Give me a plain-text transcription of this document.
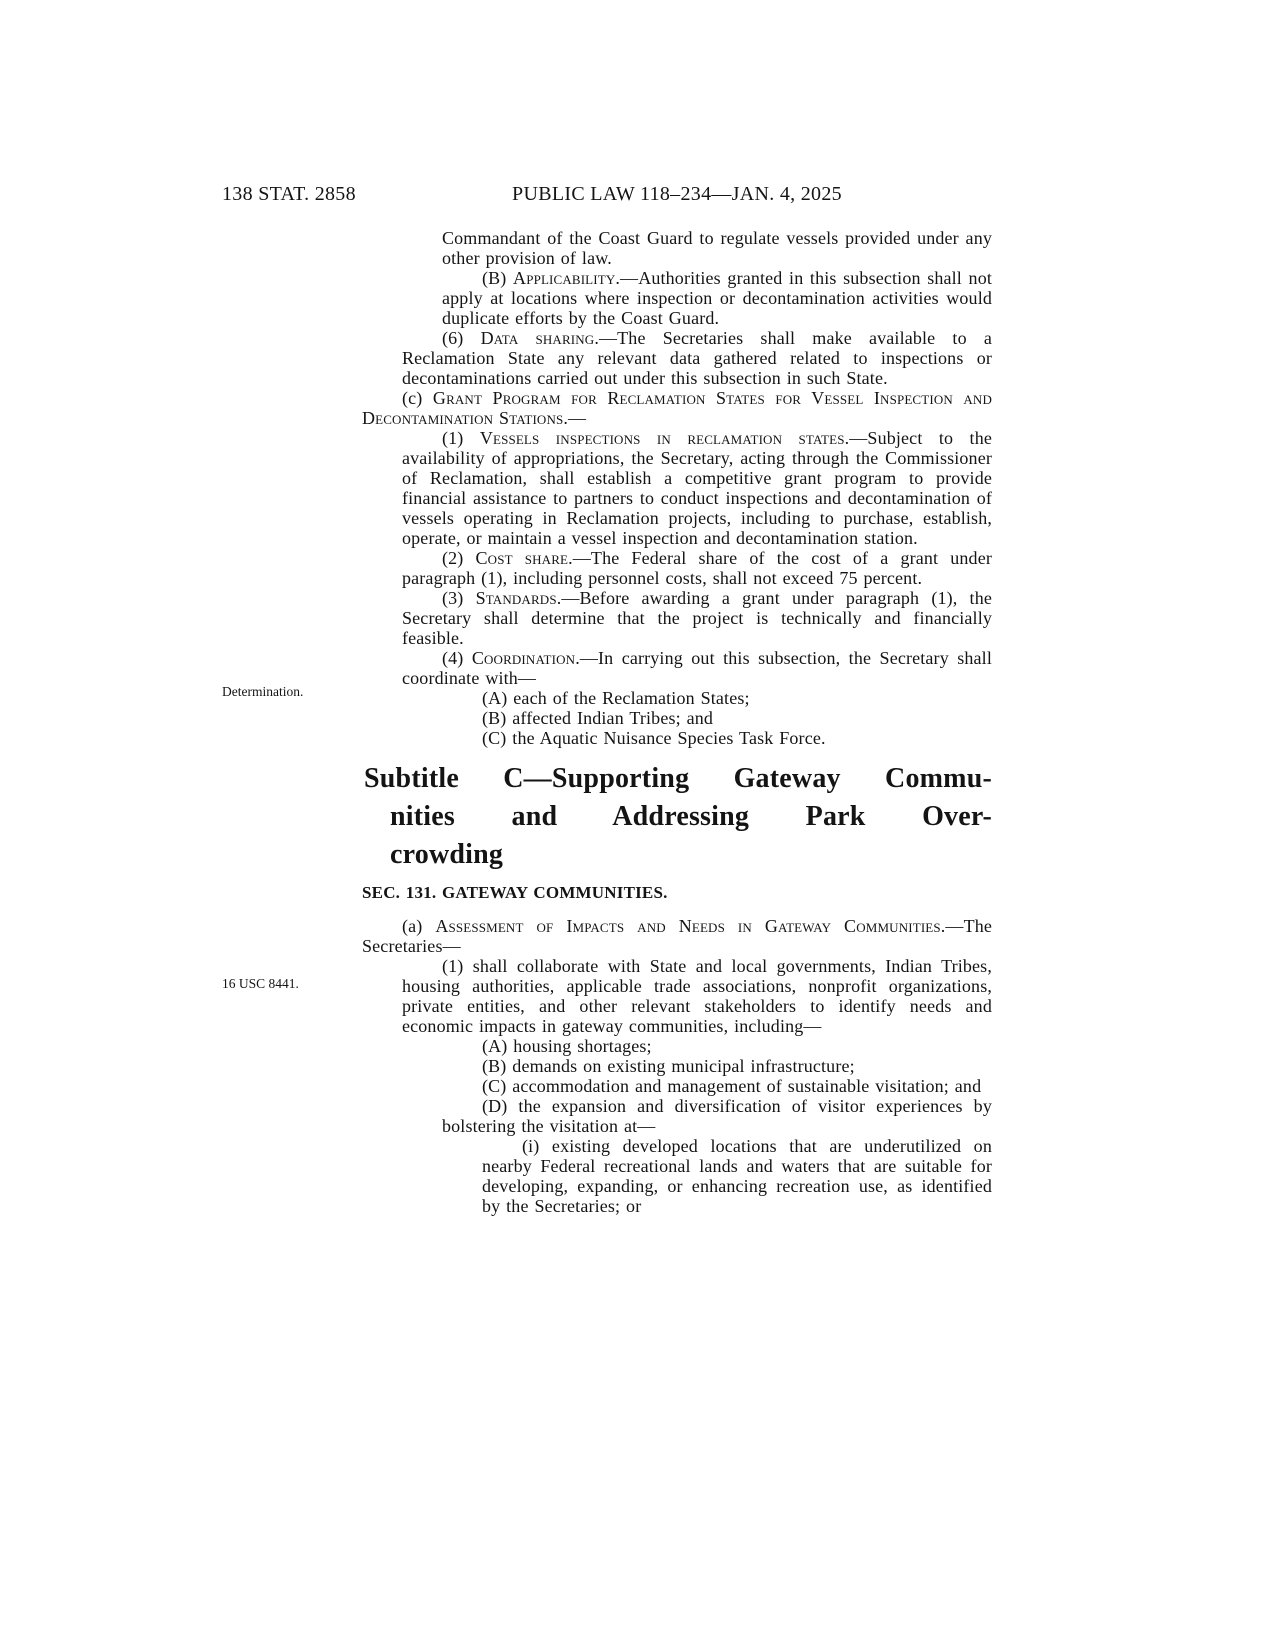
138 STAT. 2858	PUBLIC LAW 118–234—JAN. 4, 2025
Determination.
16 USC 8441.

Commandant of the Coast Guard to regulate vessels provided under any other provision of law.

(B) Applicability.—Authorities granted in this subsection shall not apply at locations where inspection or decontamination activities would duplicate efforts by the Coast Guard.

(6) Data sharing.—The Secretaries shall make available to a Reclamation State any relevant data gathered related to inspections or decontaminations carried out under this subsection in such State.

(c) Grant Program for Reclamation States for Vessel Inspection and Decontamination Stations.—

(1) Vessels inspections in reclamation states.—Subject to the availability of appropriations, the Secretary, acting through the Commissioner of Reclamation, shall establish a competitive grant program to provide financial assistance to partners to conduct inspections and decontamination of vessels operating in Reclamation projects, including to purchase, establish, operate, or maintain a vessel inspection and decontamination station.

(2) Cost share.—The Federal share of the cost of a grant under paragraph (1), including personnel costs, shall not exceed 75 percent.

(3) Standards.—Before awarding a grant under paragraph (1), the Secretary shall determine that the project is technically and financially feasible.

(4) Coordination.—In carrying out this subsection, the Secretary shall coordinate with—

(A) each of the Reclamation States;

(B) affected Indian Tribes; and

(C) the Aquatic Nuisance Species Task Force.

Subtitle C—Supporting Gateway Commu-
nities and Addressing Park Over-
crowding
SEC. 131. GATEWAY COMMUNITIES.

(a) Assessment of Impacts and Needs in Gateway Communities.—The Secretaries—

(1) shall collaborate with State and local governments, Indian Tribes, housing authorities, applicable trade associations, nonprofit organizations, private entities, and other relevant stakeholders to identify needs and economic impacts in gateway communities, including—

(A) housing shortages;

(B) demands on existing municipal infrastructure;

(C) accommodation and management of sustainable visitation; and

(D) the expansion and diversification of visitor experiences by bolstering the visitation at—

(i) existing developed locations that are underutilized on nearby Federal recreational lands and waters that are suitable for developing, expanding, or enhancing recreation use, as identified by the Secretaries; or
